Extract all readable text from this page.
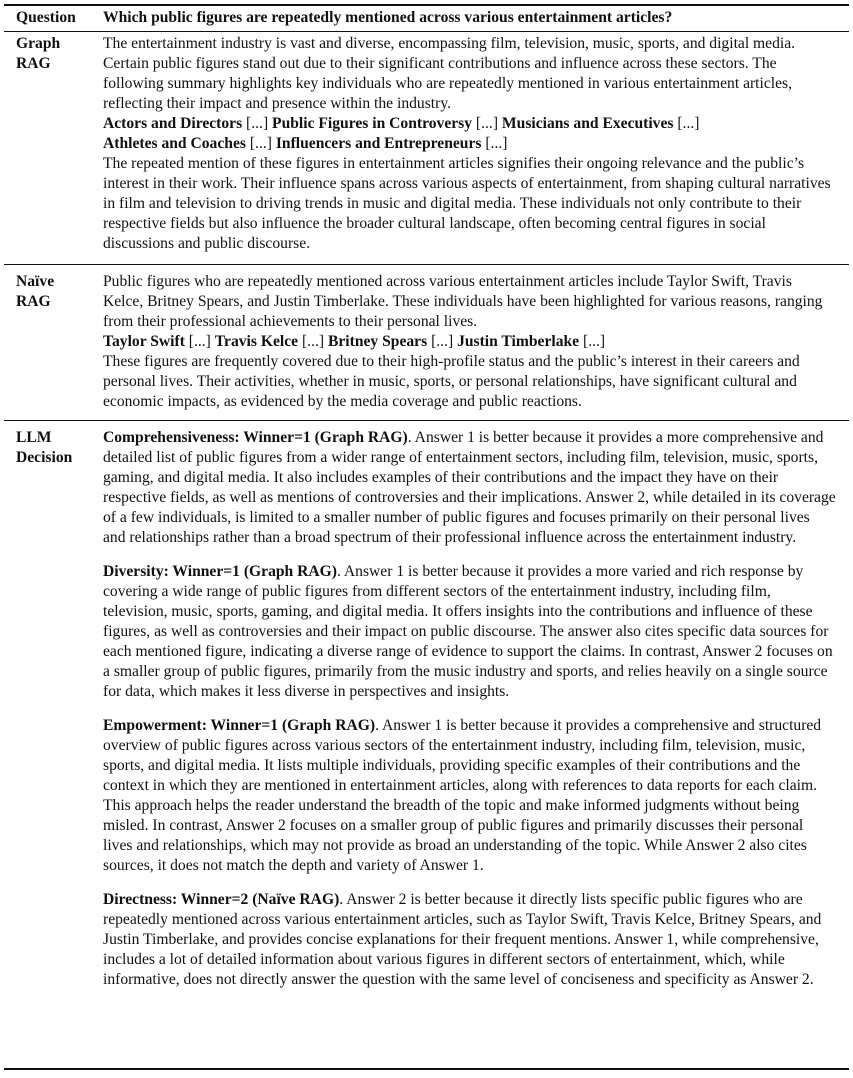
Question Which public figures are repeatedly mentioned across various entertainment articles?
Graph
RAG

The entertainment industry is vast and diverse, encompassing film, television, music, sports, and digital media. Certain public figures stand out due to their significant contributions and influence across these sectors. The following summary highlights key individuals who are repeatedly mentioned in various entertainment articles, reflecting their impact and presence within the industry.

Actors and Directors [...] Public Figures in Controversy [...] Musicians and Executives [...]
Athletes and Coaches [...] Influencers and Entrepreneurs [...]

The repeated mention of these figures in entertainment articles signifies their ongoing relevance and the public’s interest in their work. Their influence spans across various aspects of entertainment, from shaping cultural narratives in film and television to driving trends in music and digital media. These individuals not only contribute to their respective fields but also influence the broader cultural landscape, often becoming central figures in social discussions and public discourse.

Naïve
RAG

Public figures who are repeatedly mentioned across various entertainment articles include Taylor Swift, Travis Kelce, Britney Spears, and Justin Timberlake. These individuals have been highlighted for various reasons, ranging from their professional achievements to their personal lives.

Taylor Swift [...] Travis Kelce [...] Britney Spears [...] Justin Timberlake [...]

These figures are frequently covered due to their high-profile status and the public’s interest in their careers and personal lives. Their activities, whether in music, sports, or personal relationships, have significant cultural and economic impacts, as evidenced by the media coverage and public reactions.

LLM
Decision

Comprehensiveness: Winner=1 (Graph RAG). Answer 1 is better because it provides a more comprehensive and detailed list of public figures from a wider range of entertainment sectors, including film, television, music, sports, gaming, and digital media. It also includes examples of their contributions and the impact they have on their respective fields, as well as mentions of controversies and their implications. Answer 2, while detailed in its coverage of a few individuals, is limited to a smaller number of public figures and focuses primarily on their personal lives and relationships rather than a broad spectrum of their professional influence across the entertainment industry.

Diversity: Winner=1 (Graph RAG). Answer 1 is better because it provides a more varied and rich response by covering a wide range of public figures from different sectors of the entertainment industry, including film, television, music, sports, gaming, and digital media. It offers insights into the contributions and influence of these figures, as well as controversies and their impact on public discourse. The answer also cites specific data sources for each mentioned figure, indicating a diverse range of evidence to support the claims. In contrast, Answer 2 focuses on a smaller group of public figures, primarily from the music industry and sports, and relies heavily on a single source for data, which makes it less diverse in perspectives and insights.

Empowerment: Winner=1 (Graph RAG). Answer 1 is better because it provides a comprehensive and structured overview of public figures across various sectors of the entertainment industry, including film, television, music, sports, and digital media. It lists multiple individuals, providing specific examples of their contributions and the context in which they are mentioned in entertainment articles, along with references to data reports for each claim. This approach helps the reader understand the breadth of the topic and make informed judgments without being misled. In contrast, Answer 2 focuses on a smaller group of public figures and primarily discusses their personal lives and relationships, which may not provide as broad an understanding of the topic. While Answer 2 also cites sources, it does not match the depth and variety of Answer 1.

Directness: Winner=2 (Naïve RAG). Answer 2 is better because it directly lists specific public figures who are repeatedly mentioned across various entertainment articles, such as Taylor Swift, Travis Kelce, Britney Spears, and Justin Timberlake, and provides concise explanations for their frequent mentions. Answer 1, while comprehensive, includes a lot of detailed information about various figures in different sectors of entertainment, which, while informative, does not directly answer the question with the same level of conciseness and specificity as Answer 2.
